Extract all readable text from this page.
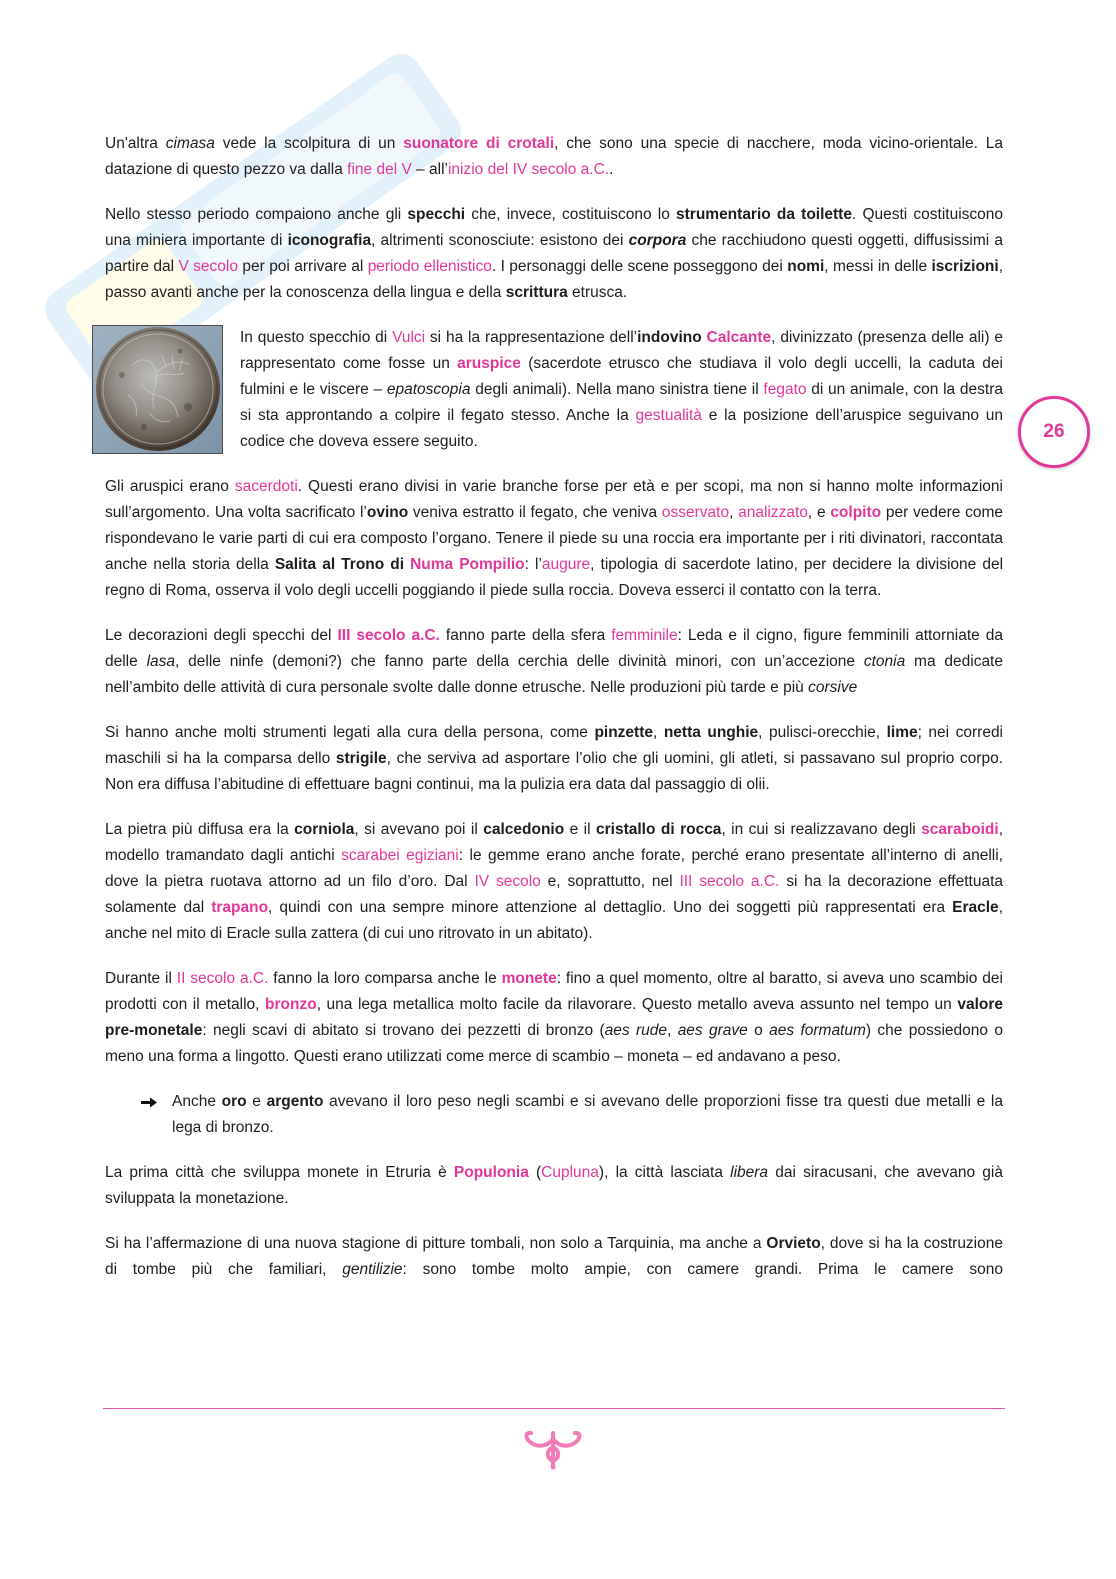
Un'altra cimasa vede la scolpitura di un suonatore di crotali, che sono una specie di nacchere, moda vicino-orientale. La datazione di questo pezzo va dalla fine del V – all’inizio del IV secolo a.C..

Nello stesso periodo compaiono anche gli specchi che, invece, costituiscono lo strumentario da toilette. Questi costituiscono una miniera importante di iconografia, altrimenti sconosciute: esistono dei corpora che racchiudono questi oggetti, diffusissimi a partire dal V secolo per poi arrivare al periodo ellenistico. I personaggi delle scene posseggono dei nomi, messi in delle iscrizioni, passo avanti anche per la conoscenza della lingua e della scrittura etrusca.

In questo specchio di Vulci si ha la rappresentazione dell’indovino Calcante, divinizzato (presenza delle ali) e rappresentato come fosse un aruspice (sacerdote etrusco che studiava il volo degli uccelli, la caduta dei fulmini e le viscere – epatoscopia degli animali). Nella mano sinistra tiene il fegato di un animale, con la destra si sta approntando a colpire il fegato stesso. Anche la gestualità e la posizione dell’aruspice seguivano un codice che doveva essere seguito.

Gli aruspici erano sacerdoti. Questi erano divisi in varie branche forse per età e per scopi, ma non si hanno molte informazioni sull’argomento. Una volta sacrificato l’ovino veniva estratto il fegato, che veniva osservato, analizzato, e colpito per vedere come rispondevano le varie parti di cui era composto l’organo. Tenere il piede su una roccia era importante per i riti divinatori, raccontata anche nella storia della Salita al Trono di Numa Pompilio: l’augure, tipologia di sacerdote latino, per decidere la divisione del regno di Roma, osserva il volo degli uccelli poggiando il piede sulla roccia. Doveva esserci il contatto con la terra.

Le decorazioni degli specchi del III secolo a.C. fanno parte della sfera femminile: Leda e il cigno, figure femminili attorniate da delle lasa, delle ninfe (demoni?) che fanno parte della cerchia delle divinità minori, con un’accezione ctonia ma dedicate nell’ambito delle attività di cura personale svolte dalle donne etrusche. Nelle produzioni più tarde e più corsive

Si hanno anche molti strumenti legati alla cura della persona, come pinzette, netta unghie, pulisci-orecchie, lime; nei corredi maschili si ha la comparsa dello strigile, che serviva ad asportare l’olio che gli uomini, gli atleti, si passavano sul proprio corpo. Non era diffusa l’abitudine di effettuare bagni continui, ma la pulizia era data dal passaggio di olii.

La pietra più diffusa era la corniola, si avevano poi il calcedonio e il cristallo di rocca, in cui si realizzavano degli scaraboidi, modello tramandato dagli antichi scarabei egiziani: le gemme erano anche forate, perché erano presentate all’interno di anelli, dove la pietra ruotava attorno ad un filo d’oro. Dal IV secolo e, soprattutto, nel III secolo a.C. si ha la decorazione effettuata solamente dal trapano, quindi con una sempre minore attenzione al dettaglio. Uno dei soggetti più rappresentati era Eracle, anche nel mito di Eracle sulla zattera (di cui uno ritrovato in un abitato).

Durante il II secolo a.C. fanno la loro comparsa anche le monete: fino a quel momento, oltre al baratto, si aveva uno scambio dei prodotti con il metallo, bronzo, una lega metallica molto facile da rilavorare. Questo metallo aveva assunto nel tempo un valore pre-monetale: negli scavi di abitato si trovano dei pezzetti di bronzo (aes rude, aes grave o aes formatum) che possiedono o meno una forma a lingotto. Questi erano utilizzati come merce di scambio – moneta – ed andavano a peso.

Anche oro e argento avevano il loro peso negli scambi e si avevano delle proporzioni fisse tra questi due metalli e la lega di bronzo.

La prima città che sviluppa monete in Etruria è Populonia (Cupluna), la città lasciata libera dai siracusani, che avevano già sviluppata la monetazione.

Si ha l’affermazione di una nuova stagione di pitture tombali, non solo a Tarquinia, ma anche a Orvieto, dove si ha la costruzione di tombe più che familiari, gentilizie: sono tombe molto ampie, con camere grandi. Prima le camere sono

26
